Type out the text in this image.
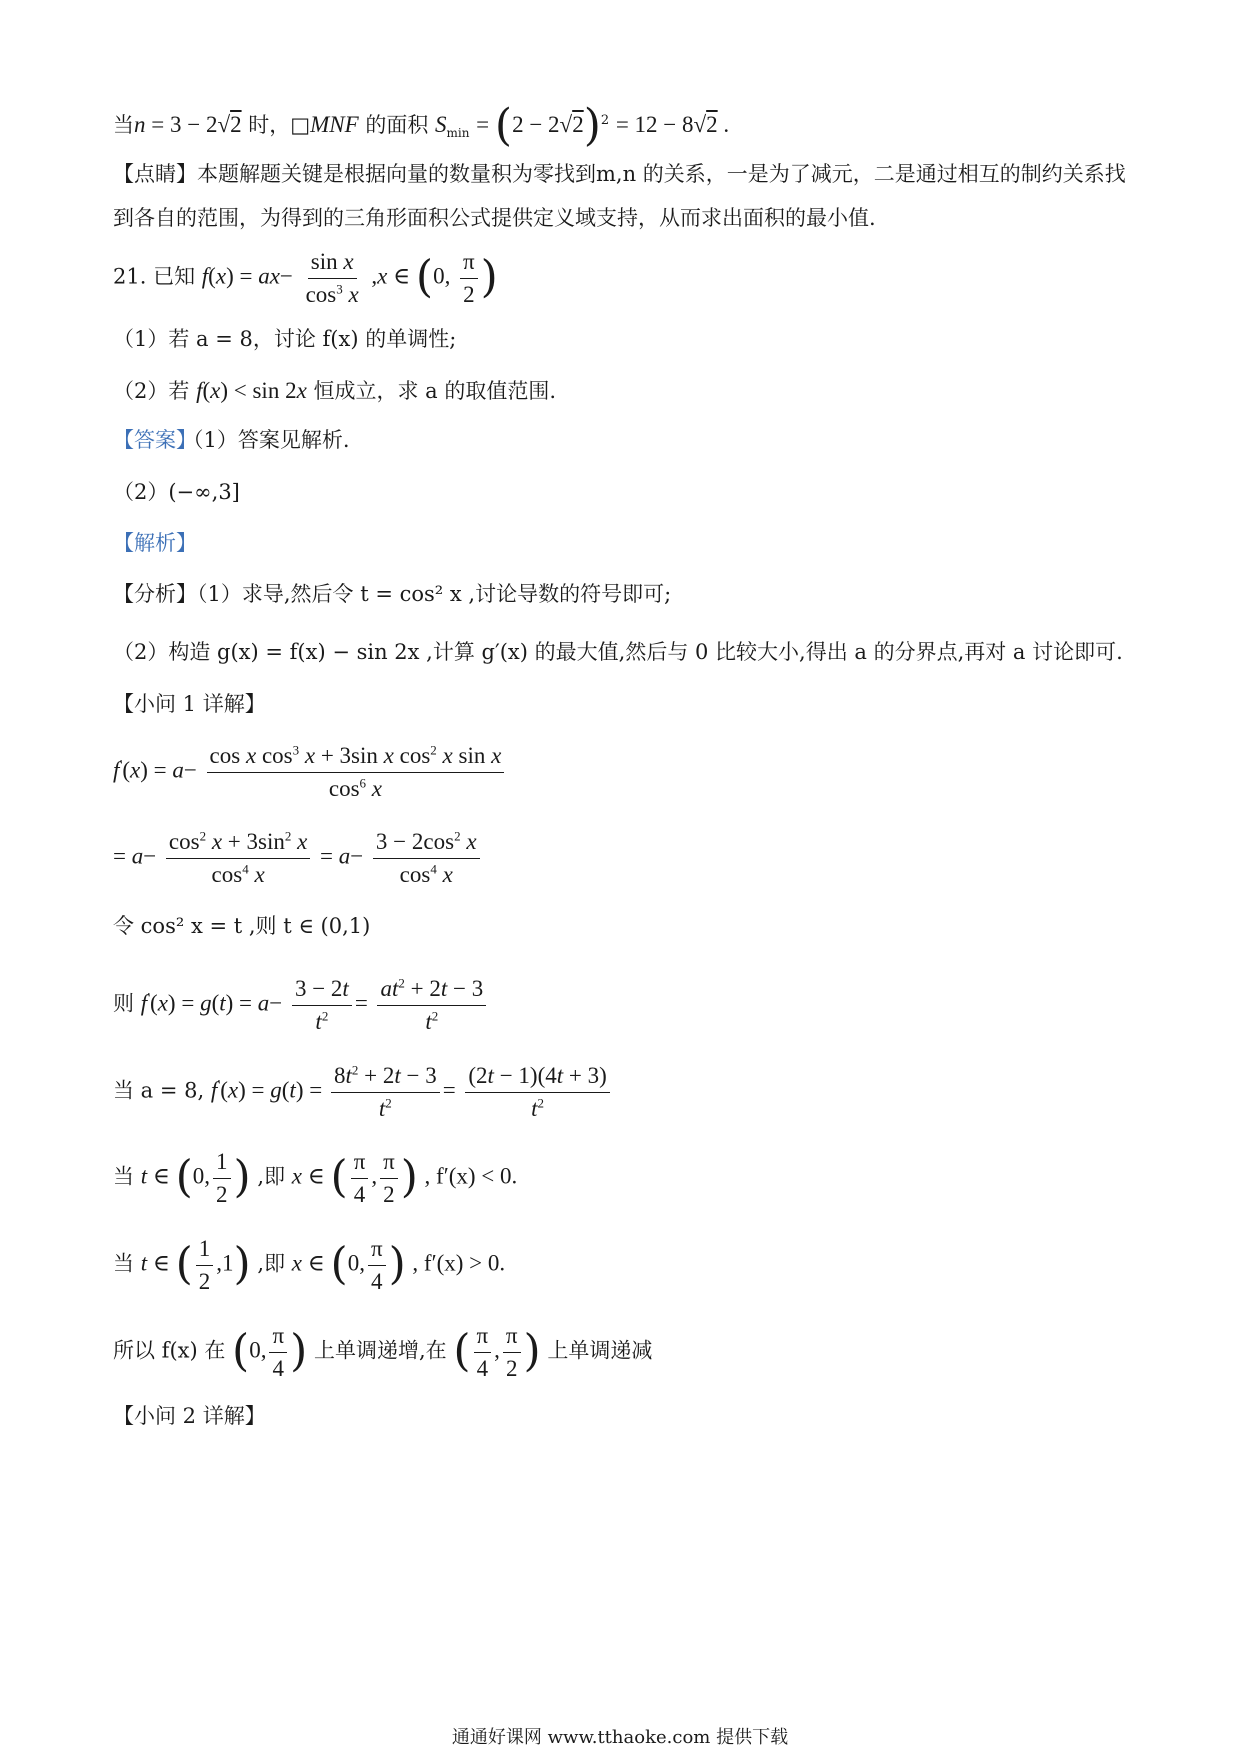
当n = 3 − 2√2 时，□MNF 的面积 $S_{min} = (2 - 2√2)^2 = 12 - 8√2$ .
【点睛】本题解题关键是根据向量的数量积为零找到m,n 的关系，一是为了减元，二是通过相互的制约关系找到各自的范围，为得到的三角形面积公式提供定义域支持，从而求出面积的最小值.
21. 已知 $f(x) = ax- \frac{\text{sin x}}{\cos^3 x} ,x$ ∈ (0, $\frac{\pi}{2}$ )
（1）若 a = 8，讨论 f(x) 的单调性;
（2）若 f(x) < sin 2x 恒成立，求 a 的取值范围.
【答案】（1）答案见解析.
（2）(−∞,3]
【解析】
【分析】（1）求导,然后令 t = cos² x ,讨论导数的符号即可;
（2）构造 g(x) = f(x) − sin 2x ,计算 g′(x) 的最大值,然后与 0 比较大小,得出 a 的分界点,再对 a 讨论即可.
【小问 1 详解】
$f'(x) = a- \frac{\cos x \cos^3 x + 3\sin x \cos^2 x \sin x}{\cos^6 x}$
= $a- \frac{\cos^2 x + 3\sin^2 x}{\cos^4 x} = a- \frac{3 - 2\cos^2 x}{\cos^4 x}$
令 cos² x = t ,则 t ∈ (0,1)
则 $f'(x) = g(t) = a- \frac{3 - 2t}{t^2} = \frac{at^2 + 2t - 3}{t^2}$
当 a = 8, $f'(x) = g(t) = \frac{8t^2 + 2t - 3}{t^2} = \frac{(2t - 1)(4t + 3)}{t^2}$
当 t ∈ (0, $\frac{1}{2}$ ) ,即 x ∈ ( $\frac{\pi}{4}$ , $\frac{\pi}{2}$ ) , f′(x) < 0.
当 t ∈ ( $\frac{1}{2} ,1$) ,即 x ∈ (0, $\frac{\pi}{4}$ ) , f′(x) > 0.
所以 f(x) 在 (0, $\frac{\pi}{4}$ ) 上单调递增,在 ( $\frac{\pi}{4}$ , $\frac{\pi}{2}$ ) 上单调递减
【小问 2 详解】
通通好课网 www.tthaoke.com 提供下载
